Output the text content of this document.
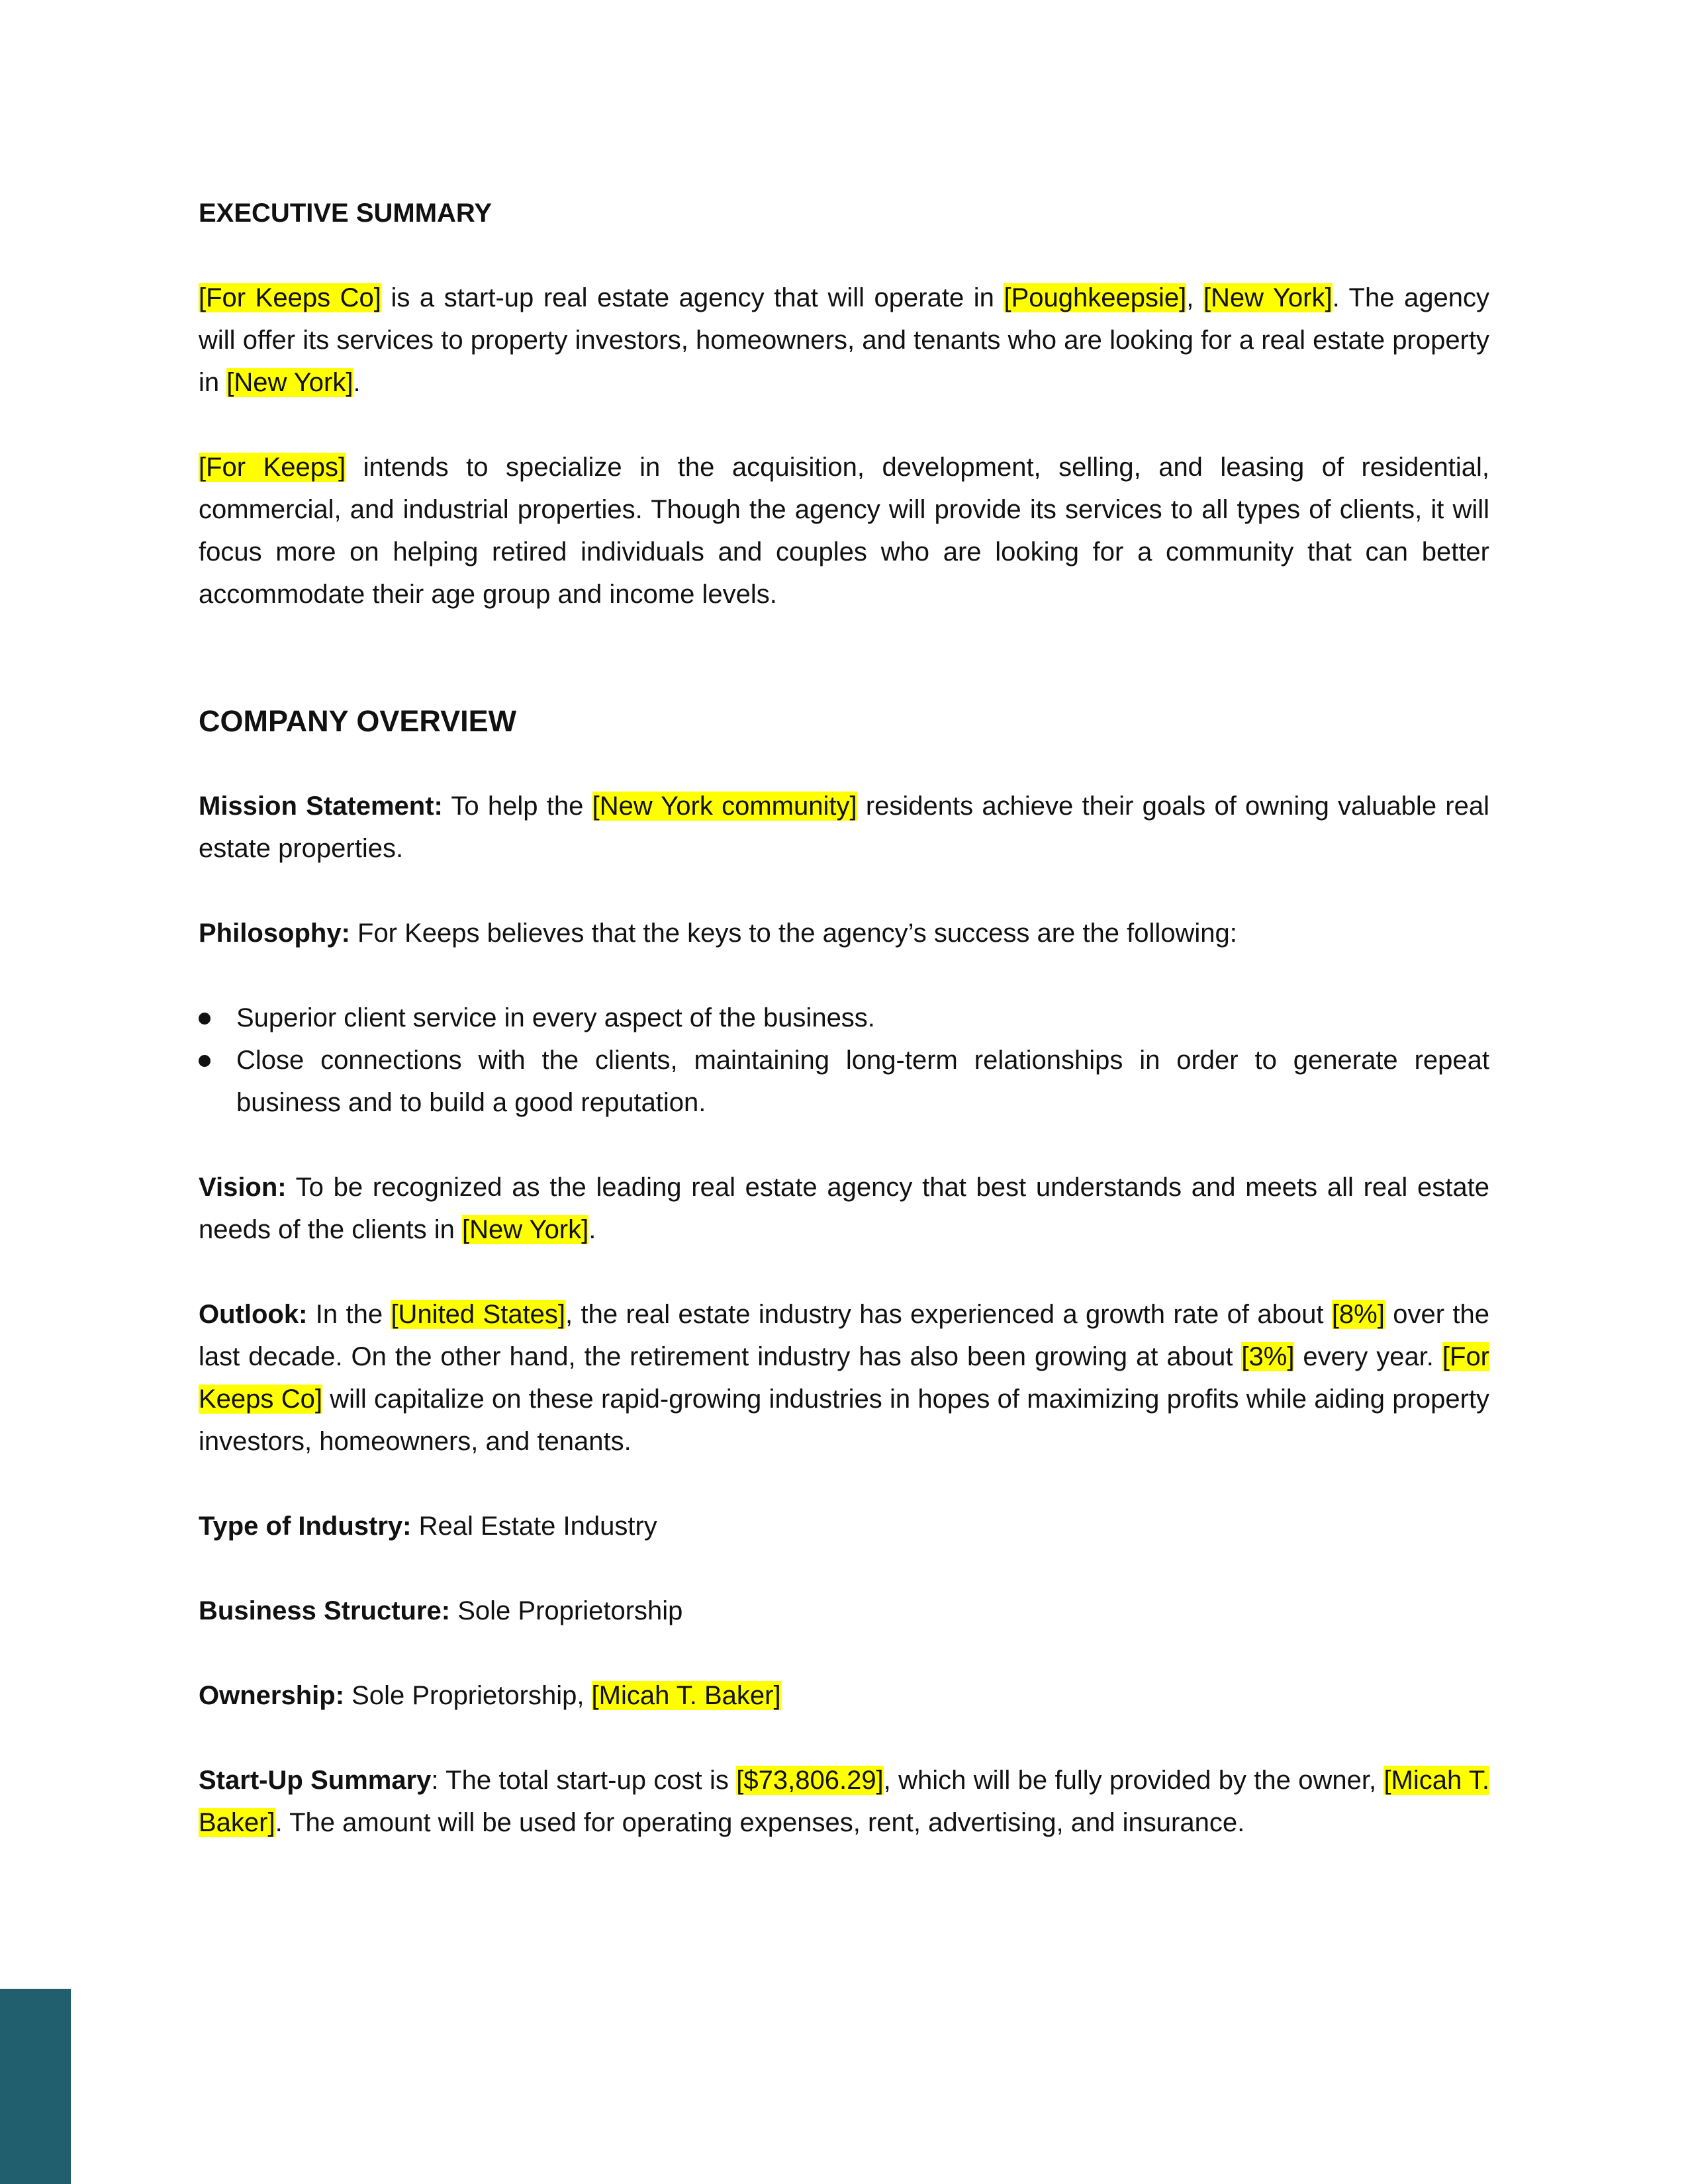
EXECUTIVE SUMMARY

[For Keeps Co] is a start-up real estate agency that will operate in [Poughkeepsie], [New York]. The agency will offer its services to property investors, homeowners, and tenants who are looking for a real estate property in [New York].

[For Keeps] intends to specialize in the acquisition, development, selling, and leasing of residential, commercial, and industrial properties. Though the agency will provide its services to all types of clients, it will focus more on helping retired individuals and couples who are looking for a community that can better accommodate their age group and income levels.

COMPANY OVERVIEW

Mission Statement: To help the [New York community] residents achieve their goals of owning valuable real estate properties.

Philosophy: For Keeps believes that the keys to the agency’s success are the following:

Superior client service in every aspect of the business.
Close connections with the clients, maintaining long-term relationships in order to generate repeat business and to build a good reputation.

Vision: To be recognized as the leading real estate agency that best understands and meets all real estate needs of the clients in [New York].

Outlook: In the [United States], the real estate industry has experienced a growth rate of about [8%] over the last decade. On the other hand, the retirement industry has also been growing at about [3%] every year. [For Keeps Co] will capitalize on these rapid-growing industries in hopes of maximizing profits while aiding property investors, homeowners, and tenants.

Type of Industry: Real Estate Industry

Business Structure: Sole Proprietorship

Ownership: Sole Proprietorship, [Micah T. Baker]

Start-Up Summary: The total start-up cost is [$73,806.29], which will be fully provided by the owner, [Micah T. Baker]. The amount will be used for operating expenses, rent, advertising, and insurance.
